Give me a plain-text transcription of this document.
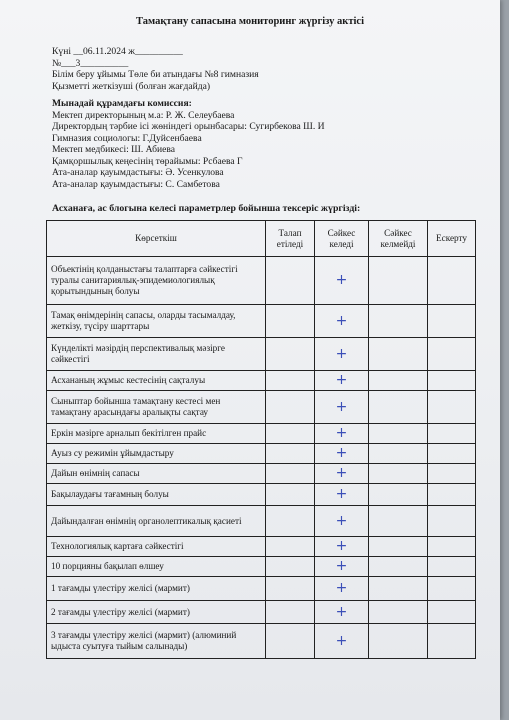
Тамақтану сапасына мониторинг жүргізу актісі
Күні __06.11.2024 ж__________
№___3__________
Білім беру ұйымы Төле би атындағы №8 гимназия
Қызметті жеткізуші (болған жағдайда)
Мынадай құрамдағы комиссия:
Мектеп директорының м.а: Р. Ж. Селеубаева
Директордың тәрбие ісі жөніндегі орынбасары: Сугирбекова Ш. И
Гимназия социологы: Г.Дуйсенбаева
Мектеп медбикесі: Ш. Абиева
Қамқоршылық кеңесінің төрайымы: Рсбаева Г
Ата-аналар қауымдастығы: Ә. Усенкулова
Ата-аналар қауымдастығы: С. Самбетова
Асханаға, ас блогына келесі параметрлер бойынша тексеріс жүргізді:
Көрсеткіш	Талап етіледі	Сәйкес келеді	Сәйкес келмейді	Ескерту
Объектінің қолданыстағы талаптарға сәйкестігі туралы санитариялық-эпидемиологиялық қорытындының болуы		+		
Тамақ өнімдерінің сапасы, оларды тасымалдау, жеткізу, түсіру шарттары		+		
Күнделікті мәзірдің перспективалық мәзірге сәйкестігі		+		
Асхананың жұмыс кестесінің сақталуы		+		
Сыныптар бойынша тамақтану кестесі мен тамақтану арасындағы аралықты сақтау		+		
Еркін мәзірге арналып бекітілген прайс		+		
Ауыз су режимін ұйымдастыру		+		
Дайын өнімнің сапасы		+		
Бақылаудағы тағамның болуы		+		
Дайындалған өнімнің органолептикалық қасиеті		+		
Технологиялық картаға сәйкестігі		+		
10 порцияны бақылап өлшеу		+		
1 тағамды үлестіру желісі (мармит)		+		
2 тағамды үлестіру желісі (мармит)		+		
3 тағамды үлестіру желісі (мармит) (алюминий ыдыста суытуға тыйым салынады)		+		
